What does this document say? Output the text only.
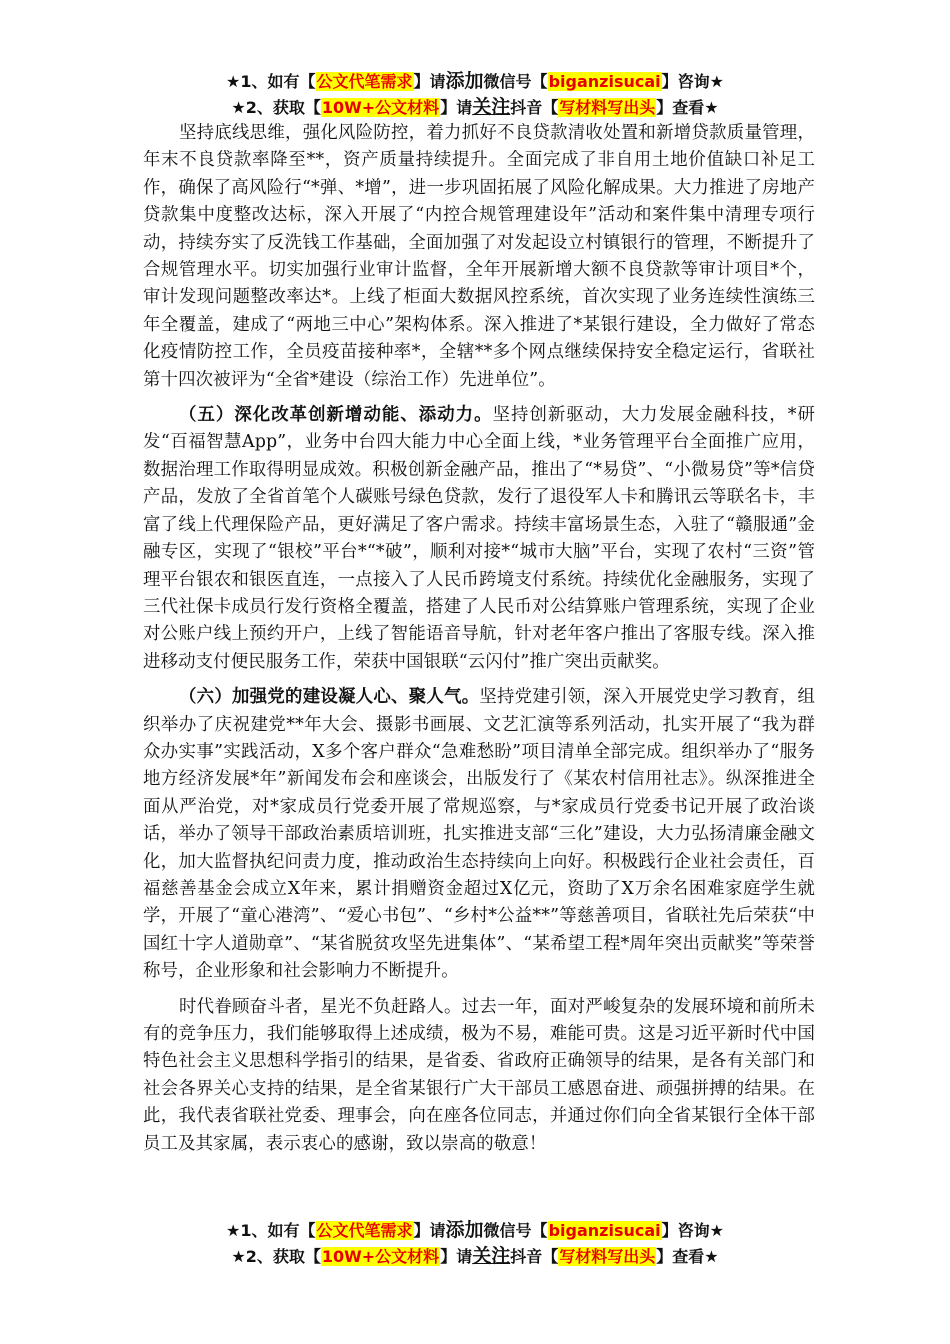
★1、如有【公文代笔需求】请添加微信号【biganzisucai】咨询★
★2、获取【10W+公文材料】请关注抖音【写材料写出头】查看★

坚持底线思维，强化风险防控，着力抓好不良贷款清收处置和新增贷款质量管理，年末不良贷款率降至**，资产质量持续提升。全面完成了非自用土地价值缺口补足工作，确保了高风险行“*弹、*增”，进一步巩固拓展了风险化解成果。大力推进了房地产贷款集中度整改达标，深入开展了“内控合规管理建设年”活动和案件集中清理专项行动，持续夯实了反洗钱工作基础，全面加强了对发起设立村镇银行的管理，不断提升了合规管理水平。切实加强行业审计监督，全年开展新增大额不良贷款等审计项目*个，审计发现问题整改率达*。上线了柜面大数据风控系统，首次实现了业务连续性演练三年全覆盖，建成了“两地三中心”架构体系。深入推进了*某银行建设，全力做好了常态化疫情防控工作，全员疫苗接种率*，全辖**多个网点继续保持安全稳定运行，省联社第十四次被评为“全省*建设（综治工作）先进单位”。

（五）深化改革创新增动能、添动力。坚持创新驱动，大力发展金融科技，*研发“百福智慧App”，业务中台四大能力中心全面上线，*业务管理平台全面推广应用，数据治理工作取得明显成效。积极创新金融产品，推出了“*易贷”、“小微易贷”等*信贷产品，发放了全省首笔个人碳账号绿色贷款，发行了退役军人卡和腾讯云等联名卡，丰富了线上代理保险产品，更好满足了客户需求。持续丰富场景生态，入驻了“赣服通”金融专区，实现了“银校”平台*“*破”，顺利对接*“城市大脑”平台，实现了农村“三资”管理平台银农和银医直连，一点接入了人民币跨境支付系统。持续优化金融服务，实现了三代社保卡成员行发行资格全覆盖，搭建了人民币对公结算账户管理系统，实现了企业对公账户线上预约开户，上线了智能语音导航，针对老年客户推出了客服专线。深入推进移动支付便民服务工作，荣获中国银联“云闪付”推广突出贡献奖。

（六）加强党的建设凝人心、聚人气。坚持党建引领，深入开展党史学习教育，组织举办了庆祝建党**年大会、摄影书画展、文艺汇演等系列活动，扎实开展了“我为群众办实事”实践活动，X多个客户群众“急难愁盼”项目清单全部完成。组织举办了“服务地方经济发展*年”新闻发布会和座谈会，出版发行了《某农村信用社志》。纵深推进全面从严治党，对*家成员行党委开展了常规巡察，与*家成员行党委书记开展了政治谈话，举办了领导干部政治素质培训班，扎实推进支部“三化”建设，大力弘扬清廉金融文化，加大监督执纪问责力度，推动政治生态持续向上向好。积极践行企业社会责任，百福慈善基金会成立X年来，累计捐赠资金超过X亿元，资助了X万余名困难家庭学生就学，开展了“童心港湾”、“爱心书包”、“乡村*公益**”等慈善项目，省联社先后荣获“中国红十字人道勋章”、“某省脱贫攻坚先进集体”、“某希望工程*周年突出贡献奖”等荣誉称号，企业形象和社会影响力不断提升。

时代眷顾奋斗者，星光不负赶路人。过去一年，面对严峻复杂的发展环境和前所未有的竞争压力，我们能够取得上述成绩，极为不易，难能可贵。这是习近平新时代中国特色社会主义思想科学指引的结果，是省委、省政府正确领导的结果，是各有关部门和社会各界关心支持的结果，是全省某银行广大干部员工感恩奋进、顽强拼搏的结果。在此，我代表省联社党委、理事会，向在座各位同志，并通过你们向全省某银行全体干部员工及其家属，表示衷心的感谢，致以崇高的敬意！

★1、如有【公文代笔需求】请添加微信号【biganzisucai】咨询★
★2、获取【10W+公文材料】请关注抖音【写材料写出头】查看★
